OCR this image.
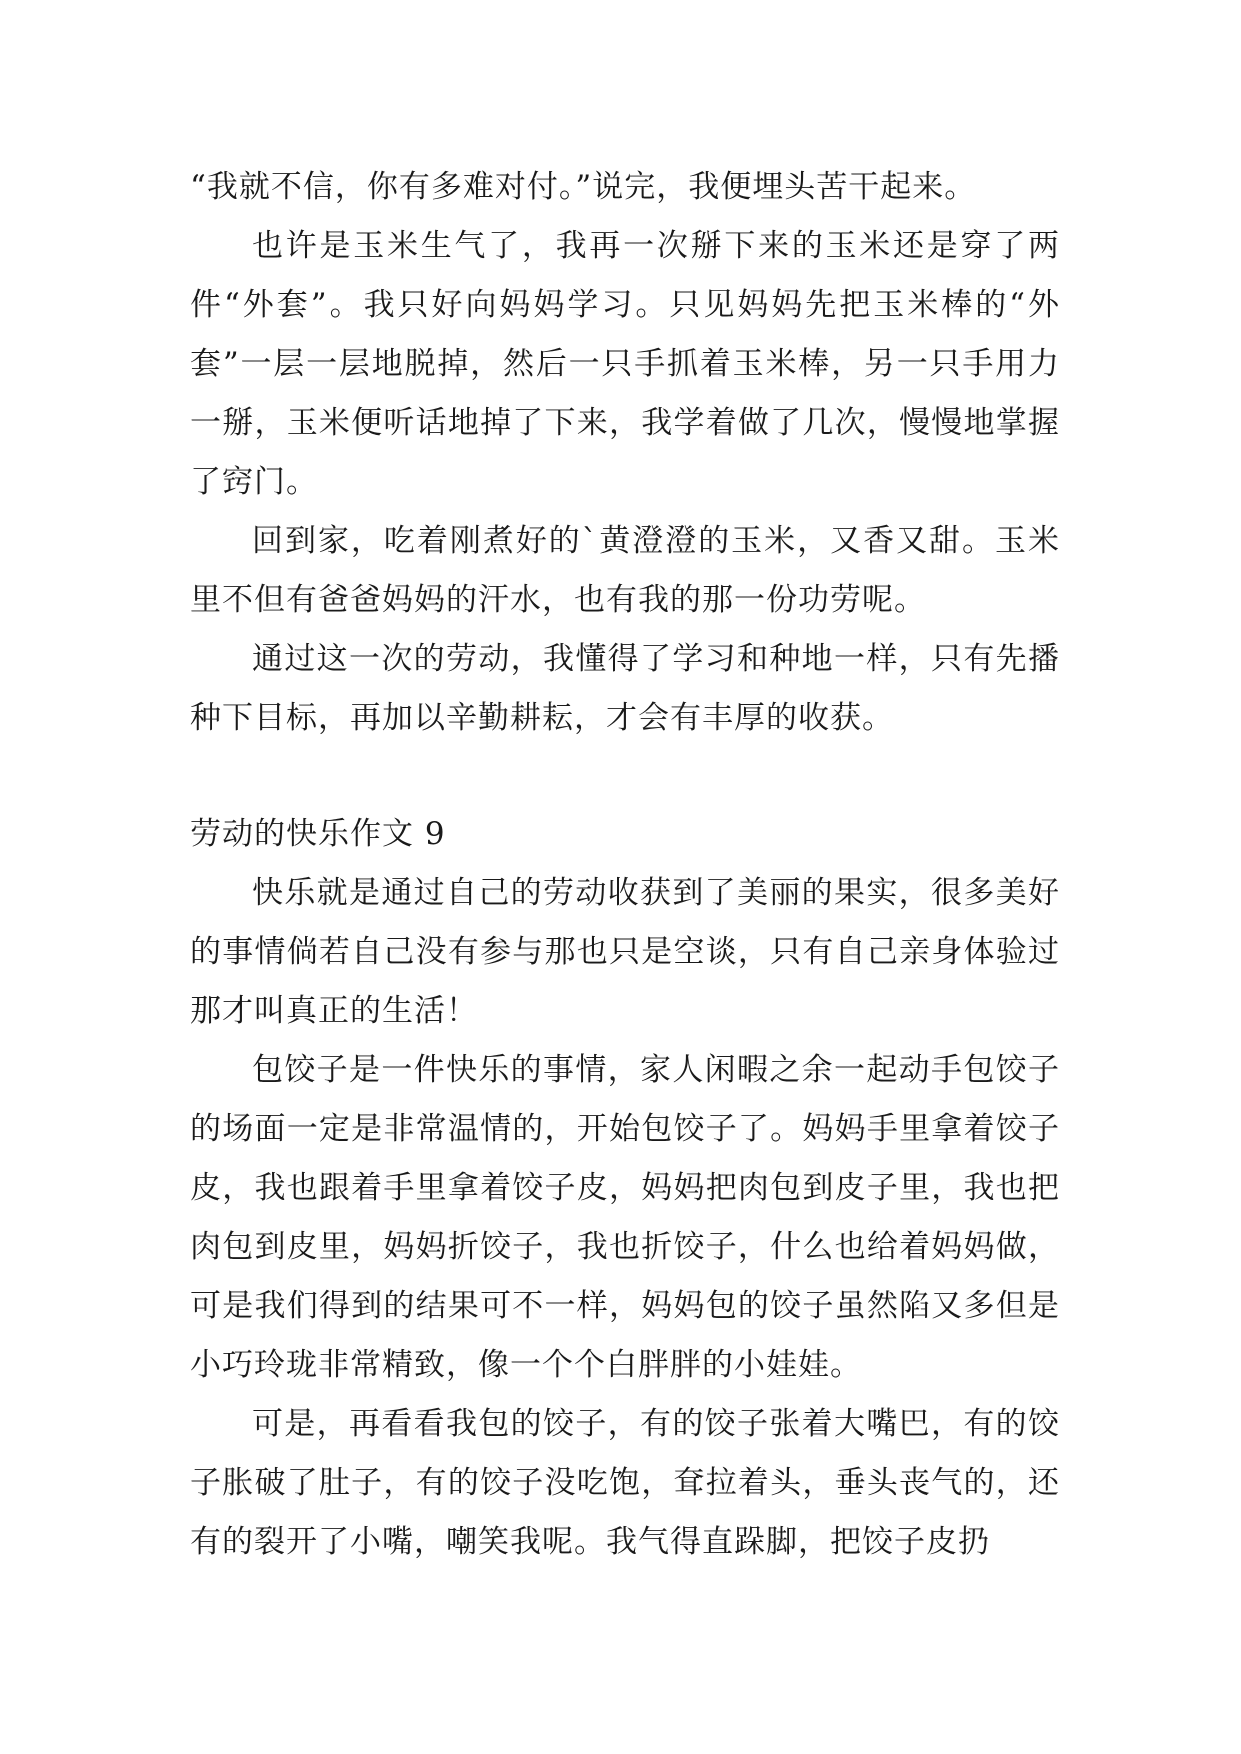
“我就不信，你有多难对付。”说完，我便埋头苦干起来。

也许是玉米生气了，我再一次掰下来的玉米还是穿了两件“外套”。我只好向妈妈学习。只见妈妈先把玉米棒的“外套”一层一层地脱掉，然后一只手抓着玉米棒，另一只手用力一掰，玉米便听话地掉了下来，我学着做了几次，慢慢地掌握了窍门。

回到家，吃着刚煮好的`黄澄澄的玉米，又香又甜。玉米里不但有爸爸妈妈的汗水，也有我的那一份功劳呢。

通过这一次的劳动，我懂得了学习和种地一样，只有先播种下目标，再加以辛勤耕耘，才会有丰厚的收获。

劳动的快乐作文 9

快乐就是通过自己的劳动收获到了美丽的果实，很多美好的事情倘若自己没有参与那也只是空谈，只有自己亲身体验过那才叫真正的生活！

包饺子是一件快乐的事情，家人闲暇之余一起动手包饺子的场面一定是非常温情的，开始包饺子了。妈妈手里拿着饺子皮，我也跟着手里拿着饺子皮，妈妈把肉包到皮子里，我也把肉包到皮里，妈妈折饺子，我也折饺子，什么也给着妈妈做，可是我们得到的结果可不一样，妈妈包的饺子虽然陷又多但是小巧玲珑非常精致，像一个个白胖胖的小娃娃。

可是，再看看我包的饺子，有的饺子张着大嘴巴，有的饺子胀破了肚子，有的饺子没吃饱，耷拉着头，垂头丧气的，还有的裂开了小嘴，嘲笑我呢。我气得直跺脚，把饺子皮扔
